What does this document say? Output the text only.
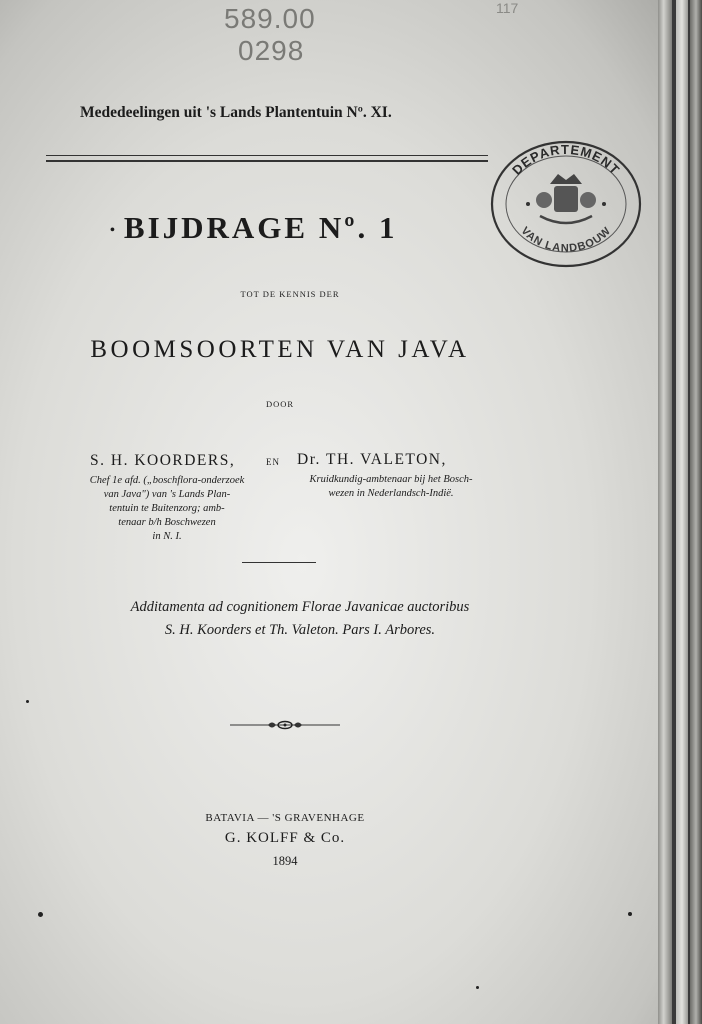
589.00
0298
117
Mededeelingen uit 's Lands Plantentuin Nº. XI.
DEPARTEMENT
VAN LANDBOUW
• BIJDRAGE Nº. 1
TOT DE KENNIS DER
BOOMSOORTEN VAN JAVA
DOOR
S. H. KOORDERS,
Chef 1e afd. („boschflora-onderzoek
van Java") van 's Lands Plan-
tentuin te Buitenzorg; amb-
tenaar b/h Boschwezen
in N. I.
EN Dr. TH. VALETON,
Kruidkundig-ambtenaar bij het Bosch-
wezen in Nederlandsch-Indië.
Additamenta ad cognitionem Florae Javanicae auctoribus
S. H. Koorders et Th. Valeton. Pars I. Arbores.
BATAVIA — 'S GRAVENHAGE
G. KOLFF & Co.
1894
